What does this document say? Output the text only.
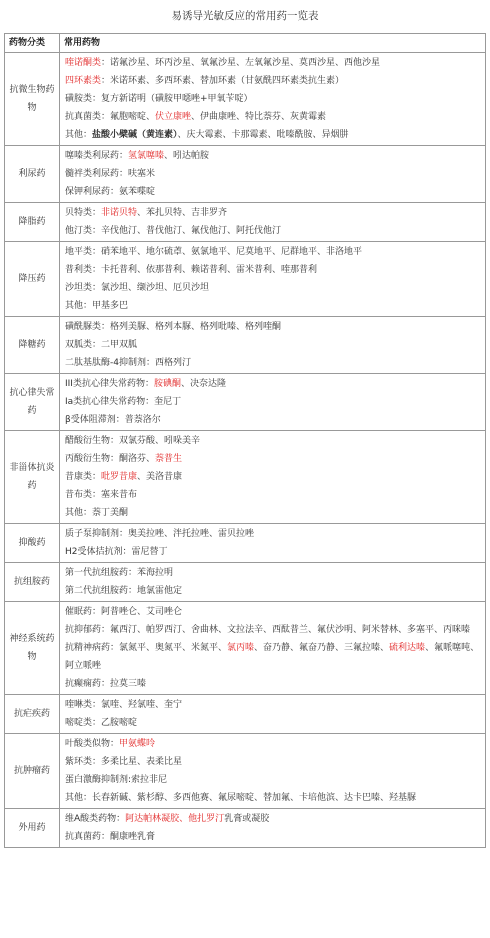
易诱导光敏反应的常用药一览表
药物分类	常用药物
抗微生物药物	喹诺酮类：诺氟沙星、环丙沙星、氧氟沙星、左氧氟沙星、莫西沙星、西他沙星
四环素类：米诺环素、多西环素、替加环素（甘氨酰四环素类抗生素）
磺胺类：复方新诺明（磺胺甲噁唑+甲氧苄啶）
抗真菌类：氟胞嘧啶、伏立康唑、伊曲康唑、特比萘芬、灰黄霉素
其他：盐酸小檗碱（黄连素）、庆大霉素、卡那霉素、吡嗪酰胺、异烟肼

利尿药	噻嗪类利尿药：氢氯噻嗪、吲达帕胺
髓袢类利尿药：呋塞米
保钾利尿药：氨苯喋啶

降脂药	贝特类：非诺贝特、苯扎贝特、吉非罗齐
他汀类：辛伐他汀、普伐他汀、氟伐他汀、阿托伐他汀

降压药	地平类：硝苯地平、地尔硫䓬、氨氯地平、尼莫地平、尼群地平、非洛地平
普利类：卡托普利、依那普利、赖诺普利、雷米普利、喹那普利
沙坦类：氯沙坦、缬沙坦、厄贝沙坦
其他：甲基多巴

降糖药	磺酰脲类：格列美脲、格列本脲、格列吡嗪、格列喹酮
双胍类：二甲双胍
二肽基肽酶-4抑制剂：西格列汀

抗心律失常药	III类抗心律失常药物：胺碘酮、决奈达隆
Ⅰa类抗心律失常药物：奎尼丁
β受体阻滞剂：普萘洛尔

非甾体抗炎药	醋酸衍生物：双氯芬酸、吲哚美辛
丙酸衍生物：酮洛芬、萘普生
昔康类：吡罗昔康、美洛昔康
昔布类：塞来昔布
其他：萘丁美酮

抑酸药	质子泵抑制剂：奥美拉唑、泮托拉唑、雷贝拉唑
H2受体拮抗剂：雷尼替丁

抗组胺药	第一代抗组胺药：苯海拉明
第二代抗组胺药：地氯雷他定

神经系统药物	催眠药：阿普唑仑、艾司唑仑
抗抑郁药：氟西汀、帕罗西汀、舍曲林、文拉法辛、西酞普兰、氟伏沙明、阿米替林、多塞平、丙咪嗪
抗精神病药：氯氮平、奥氮平、米氮平、氯丙嗪、奋乃静、氟奋乃静、三氟拉嗪、硫利达嗪、氟哌噻吨、阿立哌唑
抗癫痫药：拉莫三嗪

抗疟疾药	喹啉类：氯喹、羟氯喹、奎宁
嘧啶类：乙胺嘧啶

抗肿瘤药	叶酸类似物：甲氨蝶呤
紫环类：多柔比星、表柔比星
蛋白激酶抑制剂:索拉非尼
其他：长春新碱、紫杉醇、多西他赛、氟尿嘧啶、替加氟、卡培他滨、达卡巴嗪、羟基脲

外用药	维A酸类药物：阿达帕林凝胶、他扎罗汀乳膏或凝胶
抗真菌药：酮康唑乳膏
